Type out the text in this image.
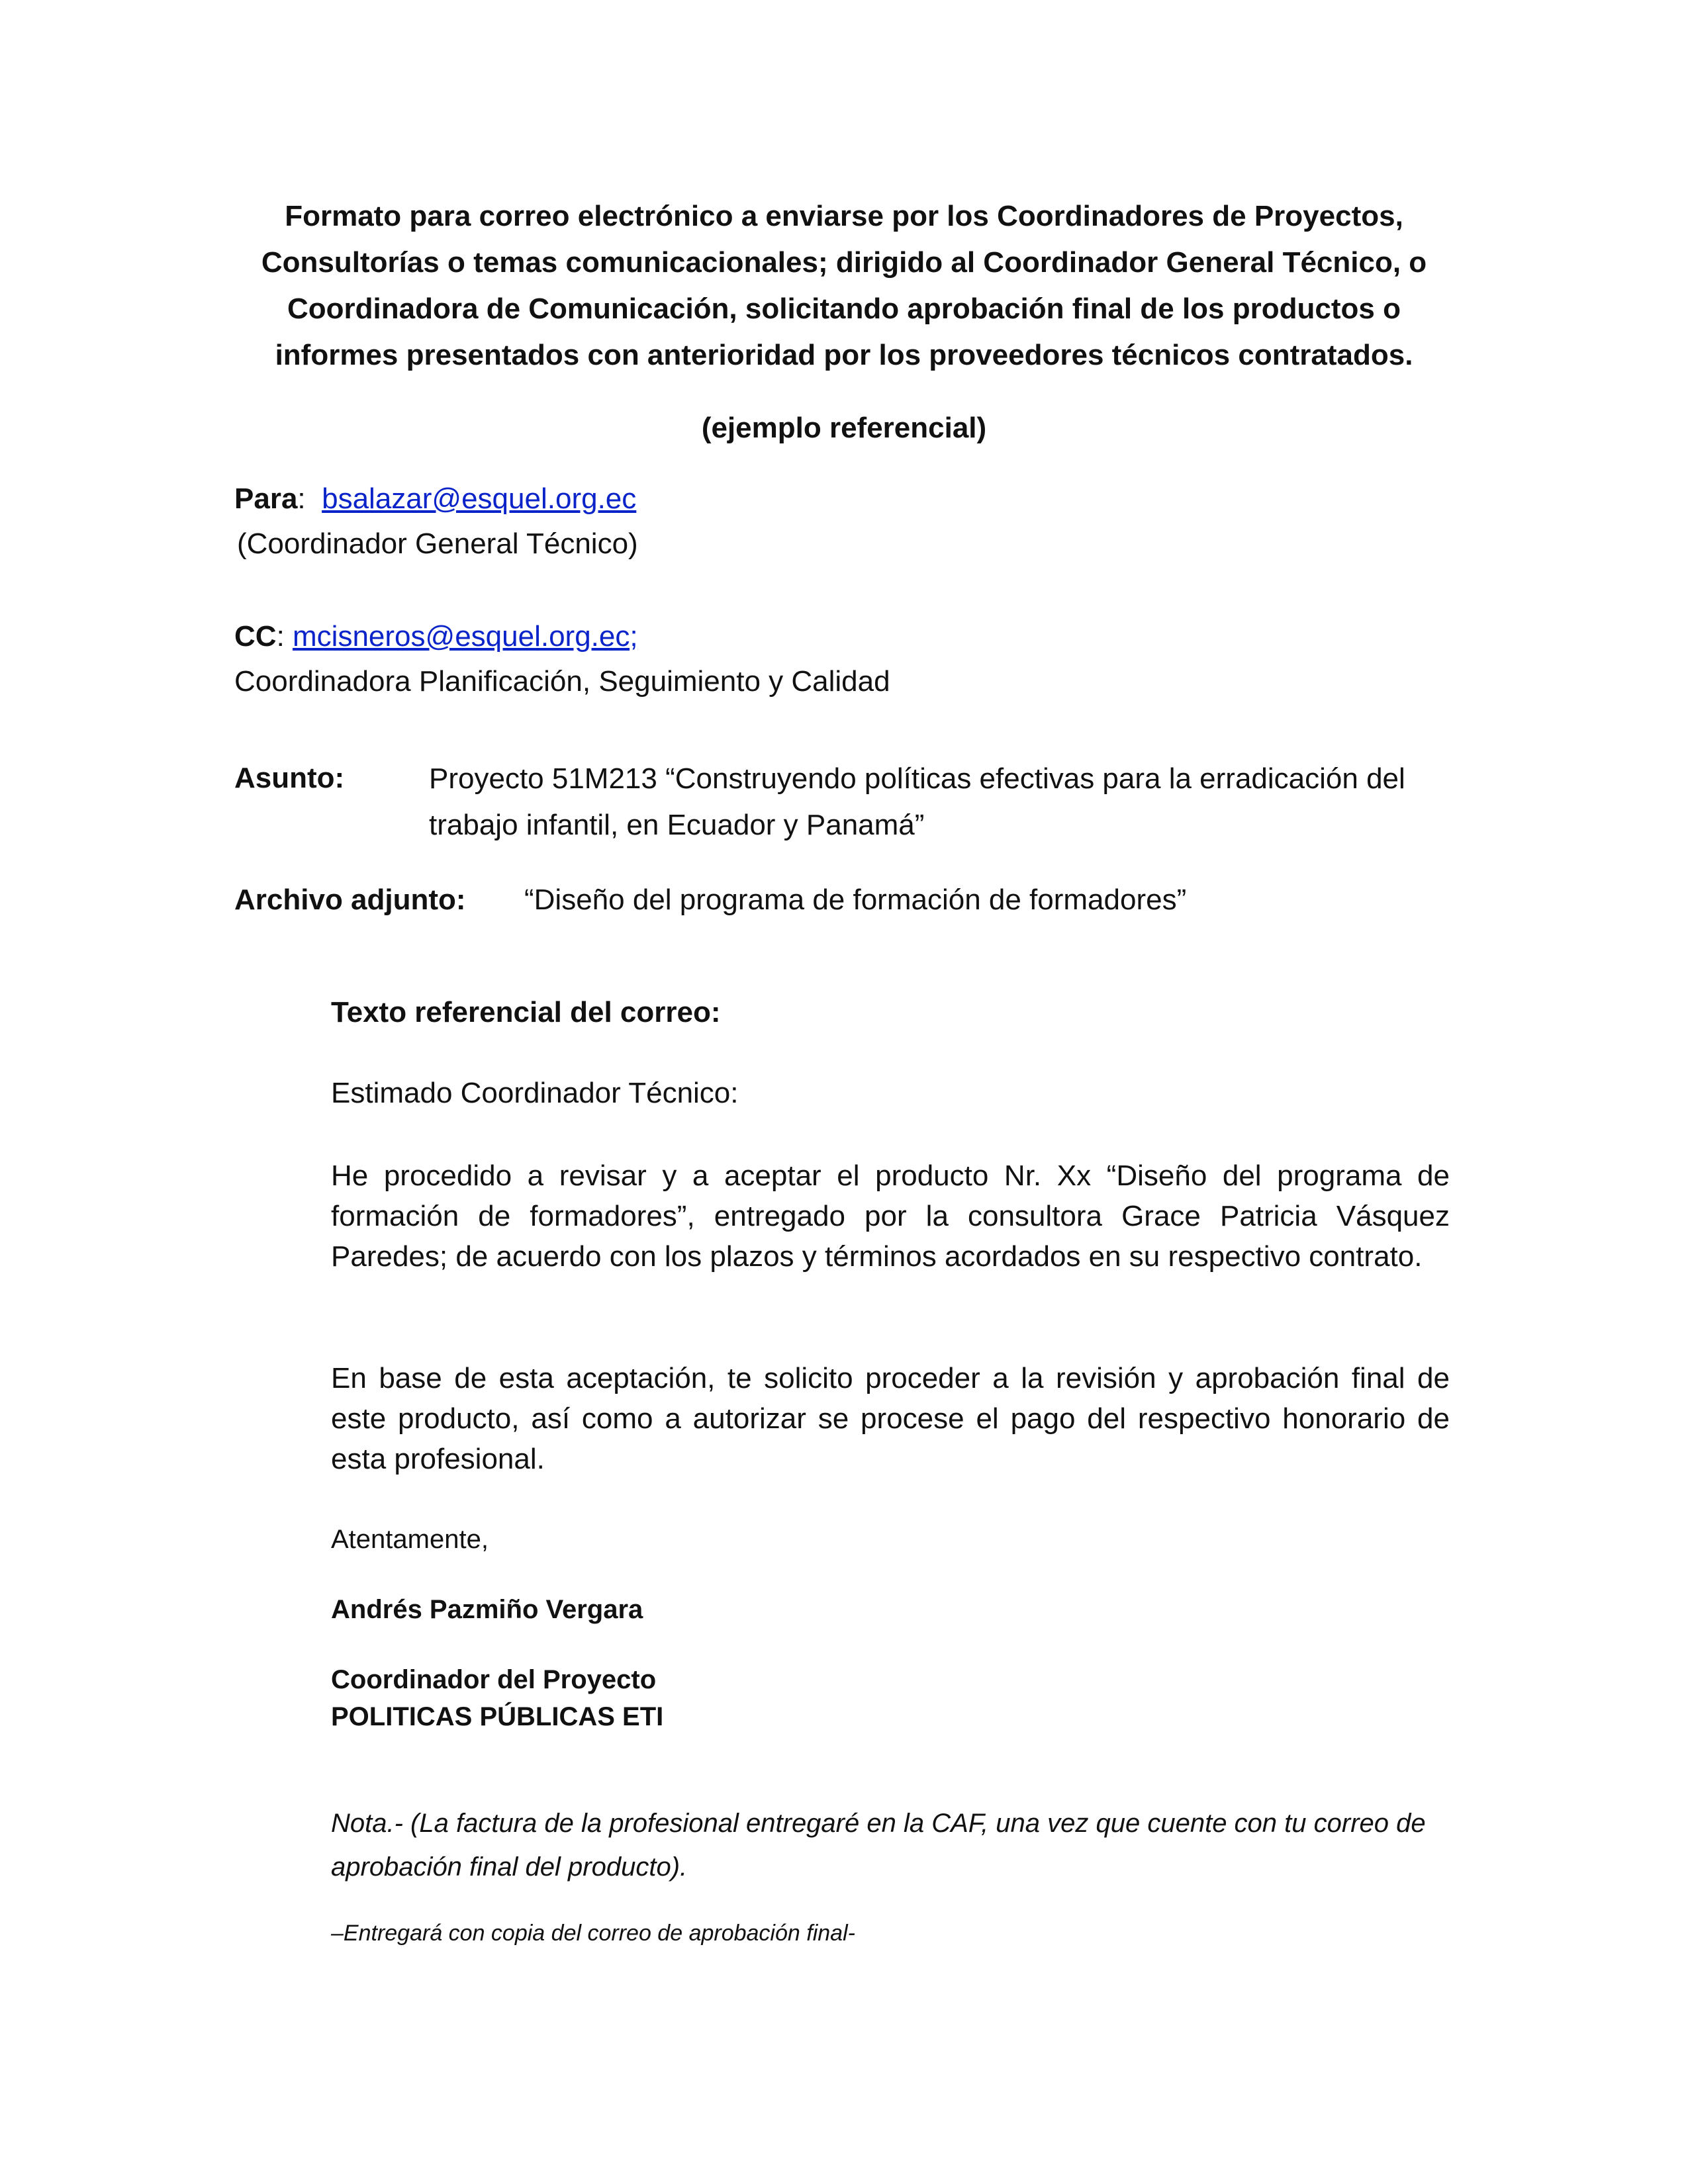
Formato para correo electrónico a enviarse por los Coordinadores de Proyectos,
Consultorías o temas comunicacionales; dirigido al Coordinador General Técnico, o
Coordinadora de Comunicación, solicitando aprobación final de los productos o
informes presentados con anterioridad por los proveedores técnicos contratados.
(ejemplo referencial)
Para: bsalazar@esquel.org.ec
(Coordinador General Técnico)
CC: mcisneros@esquel.org.ec;
Coordinadora Planificación, Seguimiento y Calidad
Asunto:	Proyecto 51M213 “Construyendo políticas efectivas para la erradicación del trabajo infantil, en Ecuador y Panamá”
Archivo adjunto: “Diseño del programa de formación de formadores”
Texto referencial del correo:
Estimado Coordinador Técnico:
He procedido a revisar y a aceptar el producto Nr. Xx “Diseño del programa de formación de formadores”, entregado por la consultora Grace Patricia Vásquez Paredes; de acuerdo con los plazos y términos acordados en su respectivo contrato.
En base de esta aceptación, te solicito proceder a la revisión y aprobación final de este producto, así como a autorizar se procese el pago del respectivo honorario de esta profesional.
Atentamente,
Andrés Pazmiño Vergara
Coordinador del Proyecto
POLITICAS PÚBLICAS ETI
Nota.- (La factura de la profesional entregaré en la CAF, una vez que cuente con tu correo de aprobación final del producto).
–Entregará con copia del correo de aprobación final-
